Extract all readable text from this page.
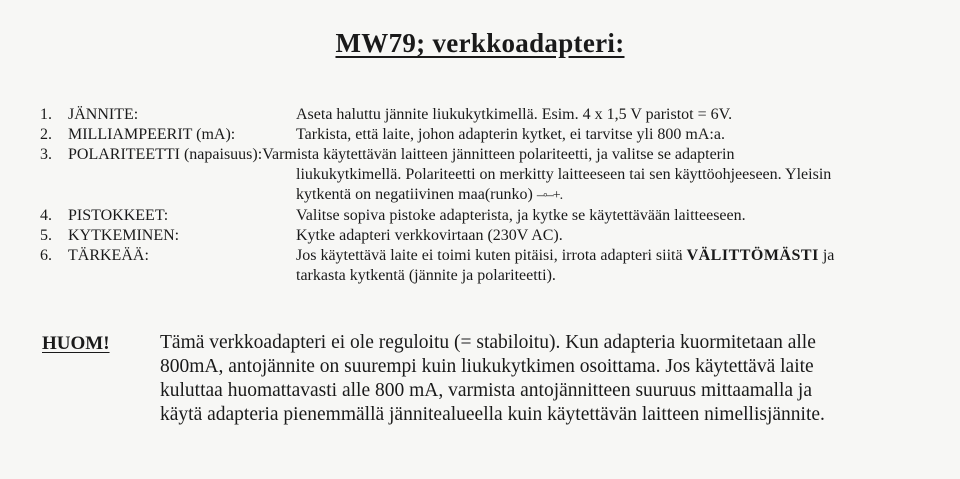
MW79; verkkoadapteri:
1.	JÄNNITE:	Aseta haluttu jännite liukukytkimellä. Esim. 4 x 1,5 V paristot = 6V.
2.	MILLIAMPEERIT (mA):	Tarkista, että laite, johon adapterin kytket, ei tarvitse yli 800 mA:a.
3.	POLARITEETTI (napaisuus):Varmista käytettävän laitteen jännitteen polariteetti, ja valitse se adapterin
liukukytkimellä. Polariteetti on merkitty laitteeseen tai sen käyttöohjeeseen. Yleisin
kytkentä on negatiivinen maa(runko) –◦–+.
4.	PISTOKKEET:	Valitse sopiva pistoke adapterista, ja kytke se käytettävään laitteeseen.
5.	KYTKEMINEN:	Kytke adapteri verkkovirtaan (230V AC).
6.	TÄRKEÄÄ:	Jos käytettävä laite ei toimi kuten pitäisi, irrota adapteri siitä VÄLITTÖMÄSTI ja
tarkasta kytkentä (jännite ja polariteetti).
HUOM!	Tämä verkkoadapteri ei ole reguloitu (= stabiloitu). Kun adapteria kuormitetaan alle
800mA, antojännite on suurempi kuin liukukytkimen osoittama. Jos käytettävä laite
kuluttaa huomattavasti alle 800 mA, varmista antojännitteen suuruus mittaamalla ja
käytä adapteria pienemmällä jännitealueella kuin käytettävän laitteen nimellisjännite.
